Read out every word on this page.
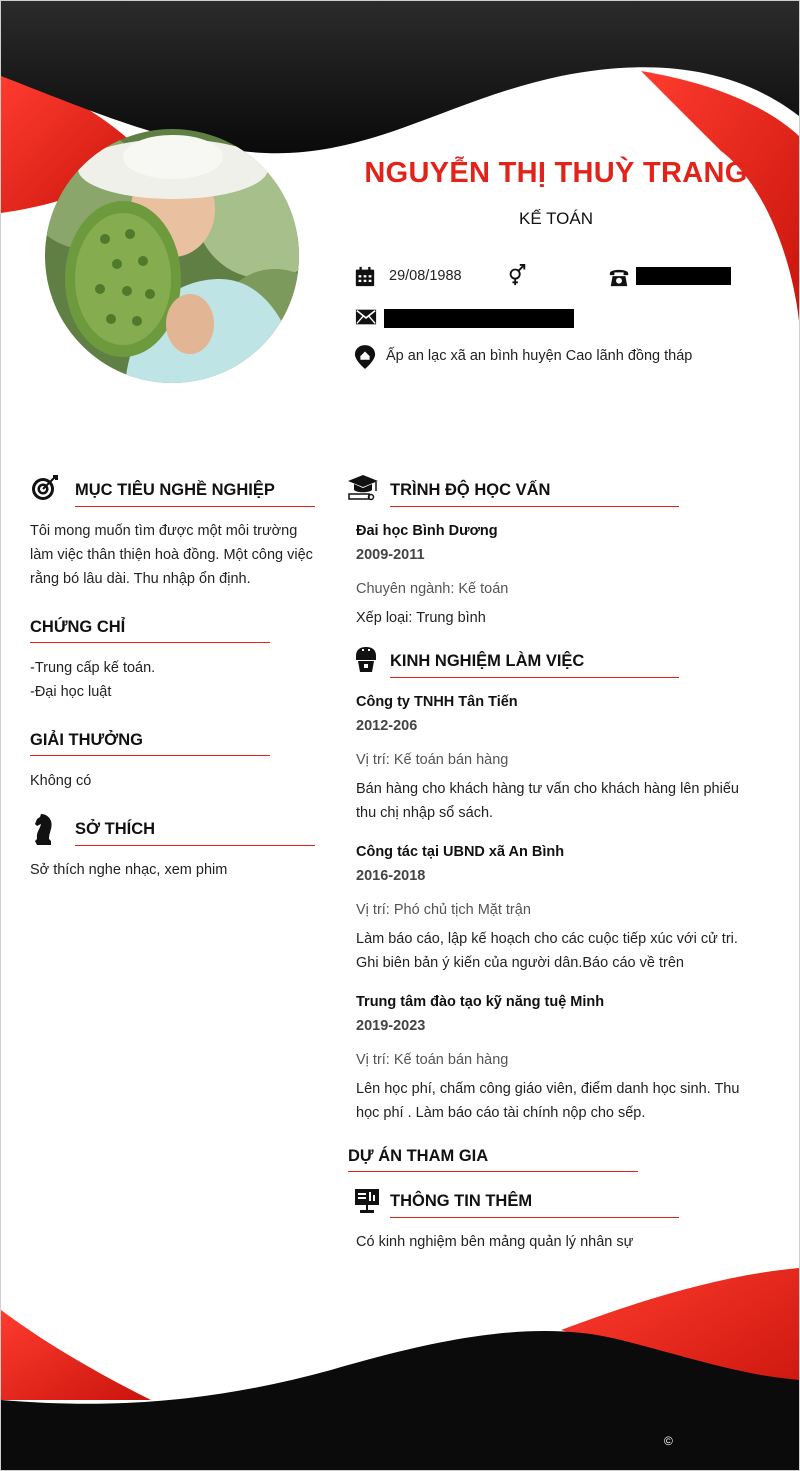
NGUYỄN THỊ THUỲ TRANG
KẾ TOÁN
29/08/1988
Ấp an lạc xã an bình huyện Cao lãnh đồng tháp
MỤC TIÊU NGHỀ NGHIỆP
Tôi mong muốn tìm được một môi trường
làm việc thân thiện hoà đồng. Một công việc
rằng bó lâu dài. Thu nhập ổn định.
CHỨNG CHỈ
-Trung cấp kế toán.
-Đại học luật
GIẢI THƯỞNG
Không có
SỞ THÍCH
Sở thích nghe nhạc, xem phim
TRÌNH ĐỘ HỌC VẤN
Đai học Bình Dương
2009-2011
Chuyên ngành: Kế toán
Xếp loại: Trung bình
KINH NGHIỆM LÀM VIỆC
Công ty TNHH Tân Tiến
2012-206
Vị trí: Kế toán bán hàng
Bán hàng cho khách hàng tư vấn cho khách hàng lên phiếu
thu chị nhập sổ sách.
Công tác tại UBND xã An Bình
2016-2018
Vị trí: Phó chủ tịch Mặt trận
Làm báo cáo, lập kế hoạch cho các cuộc tiếp xúc với cử tri.
Ghi biên bản ý kiến của người dân.Báo cáo về trên
Trung tâm đào tạo kỹ năng tuệ Minh
2019-2023
Vị trí: Kế toán bán hàng
Lên học phí, chấm công giáo viên, điểm danh học sinh. Thu
học phí . Làm báo cáo tài chính nộp cho sếp.
DỰ ÁN THAM GIA
THÔNG TIN THÊM
Có kinh nghiệm bên mảng quản lý nhân sự
©
